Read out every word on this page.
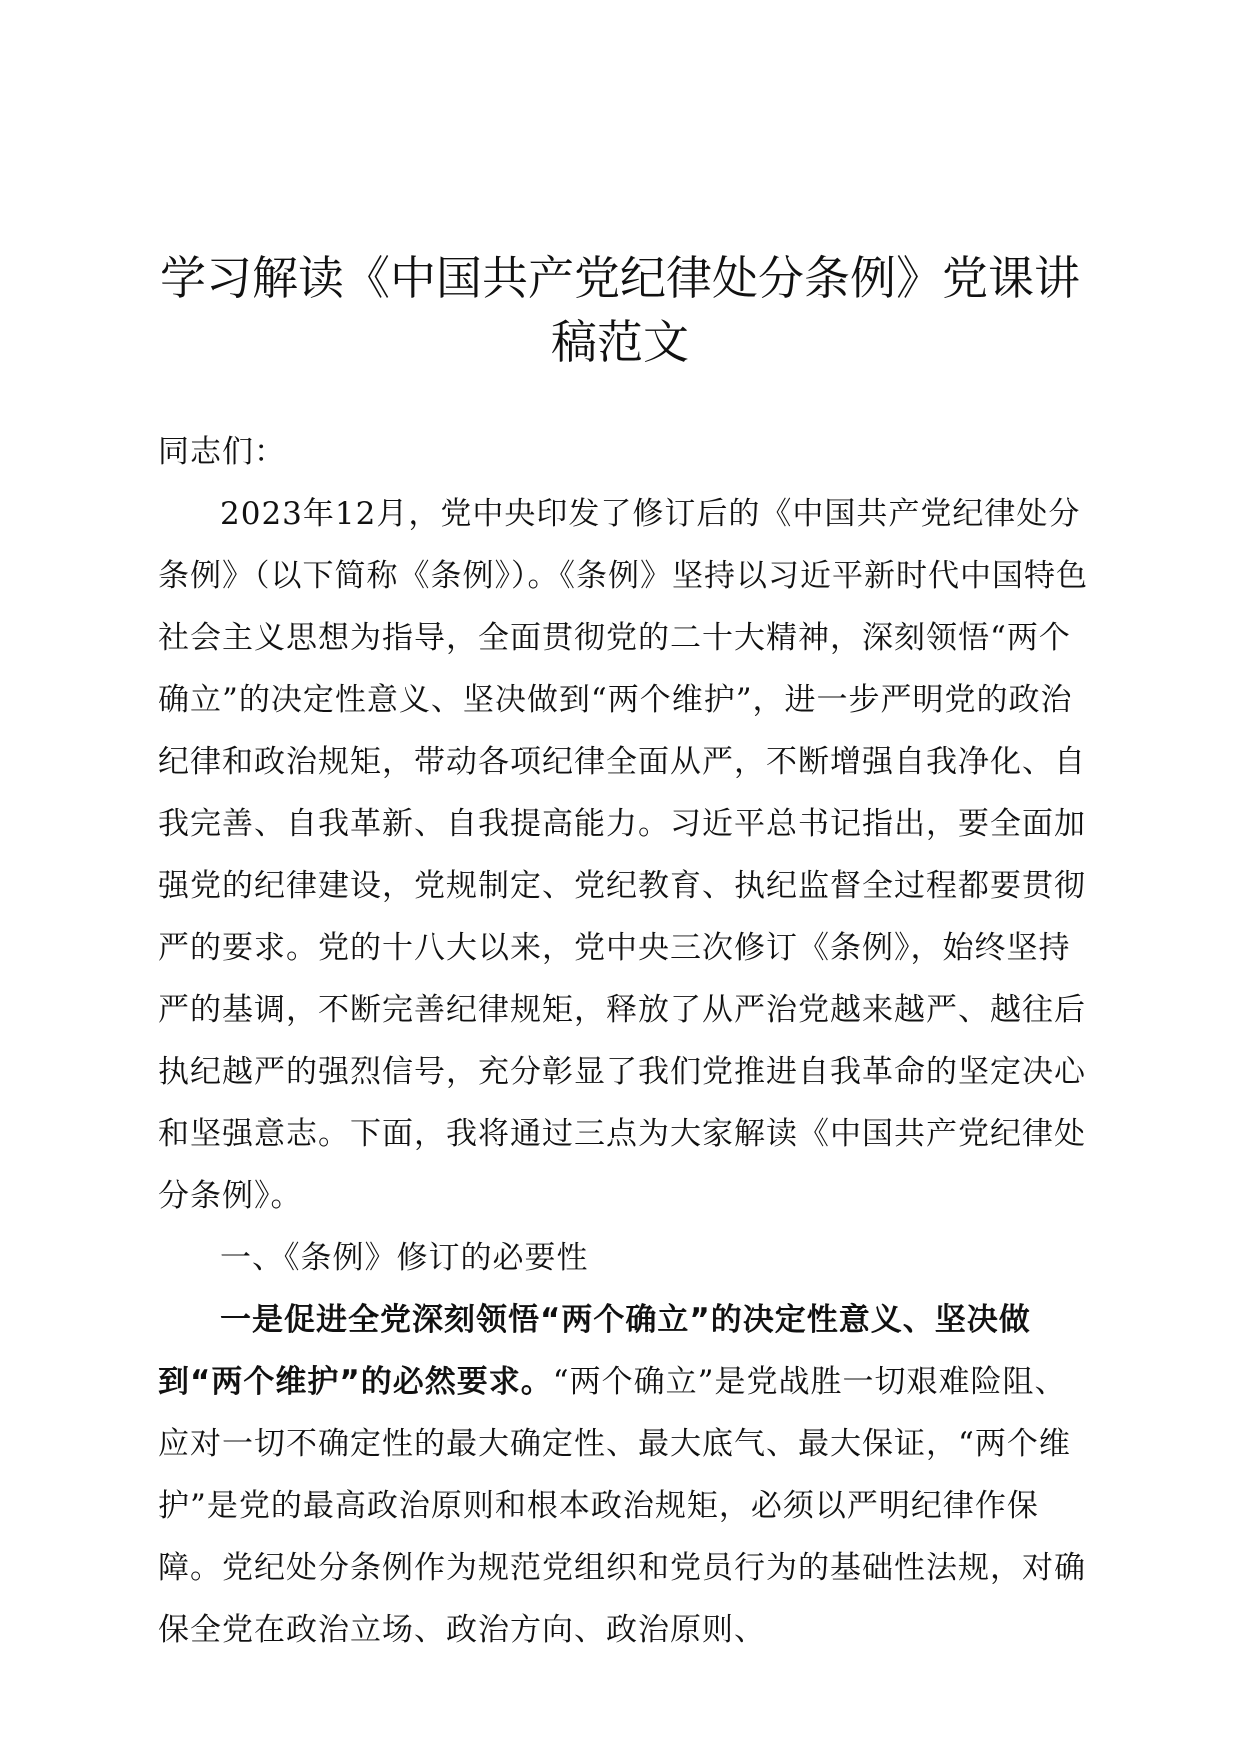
学习解读《中国共产党纪律处分条例》党课讲
稿范文

同志们：

2023年12月，党中央印发了修订后的《中国共产党纪律处分条例》（以下简称《条例》）。《条例》坚持以习近平新时代中国特色社会主义思想为指导，全面贯彻党的二十大精神，深刻领悟“两个确立”的决定性意义、坚决做到“两个维护”，进一步严明党的政治纪律和政治规矩，带动各项纪律全面从严，不断增强自我净化、自我完善、自我革新、自我提高能力。习近平总书记指出，要全面加强党的纪律建设，党规制定、党纪教育、执纪监督全过程都要贯彻严的要求。党的十八大以来，党中央三次修订《条例》，始终坚持严的基调，不断完善纪律规矩，释放了从严治党越来越严、越往后执纪越严的强烈信号，充分彰显了我们党推进自我革命的坚定决心和坚强意志。下面，我将通过三点为大家解读《中国共产党纪律处分条例》。

一、《条例》修订的必要性

一是促进全党深刻领悟“两个确立”的决定性意义、坚决做到“两个维护”的必然要求。“两个确立”是党战胜一切艰难险阻、应对一切不确定性的最大确定性、最大底气、最大保证，“两个维护”是党的最高政治原则和根本政治规矩，必须以严明纪律作保障。党纪处分条例作为规范党组织和党员行为的基础性法规，对确保全党在政治立场、政治方向、政治原则、
